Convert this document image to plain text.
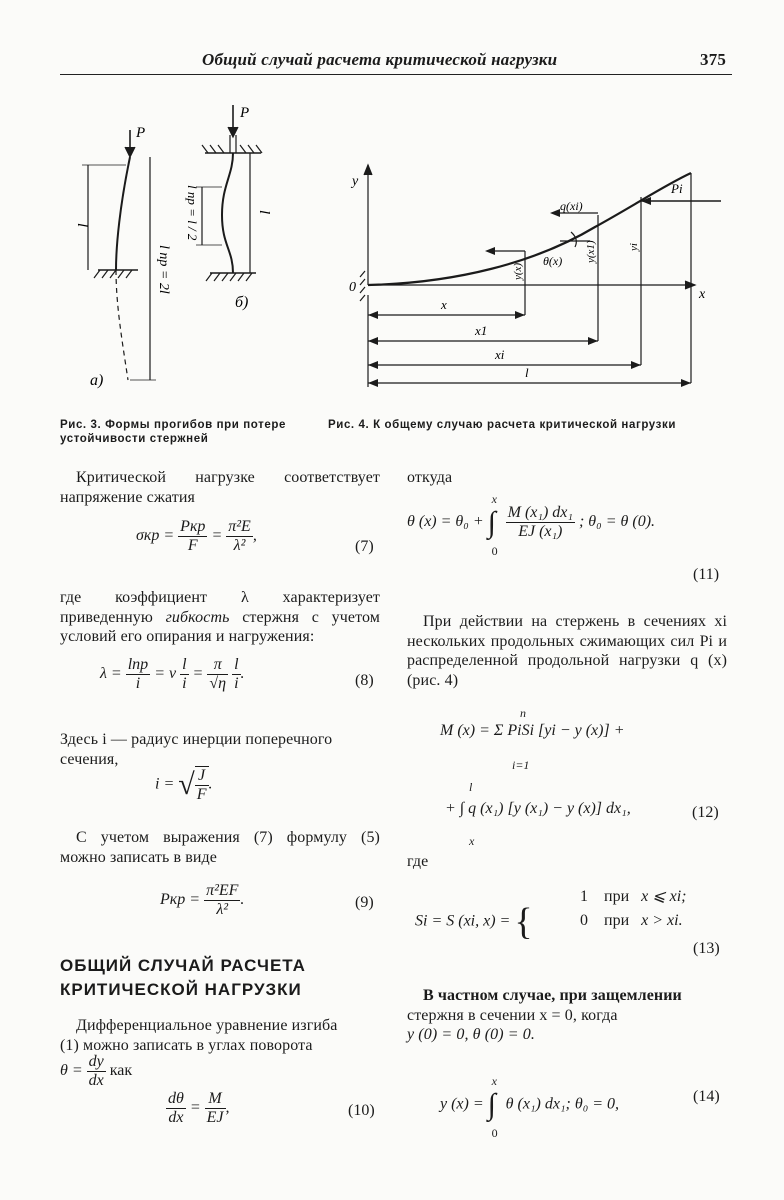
Общий случай расчета критической нагрузки	375
P
P
l
l пр = 2l
l
l пр = l / 2
а)
б)
y
x
0
q(xi)
Pi
θ(x)
y(x)
y(x1)	yi
x
x1
xi
l
Рис. 3. Формы прогибов при потере устойчивости стержней
Рис. 4. К общему случаю расчета критической нагрузки
Критической нагрузке соответствует напряжение сжатия
$\sigma кр = \frac{\text{Pкр}}{F} = \frac{\text{π²E}}{\text{λ²}}$ ,
(7)
где коэффициент λ характеризует приведенную гибкость стержня с учетом условий его опирания и нагружения:
$\lambda = \frac{\text{lпр}}{i} = \nu \frac{l}{i} = \frac{\pi}{√\eta}$
$\frac{l}{i}$ .	(8)
Здесь i — радиус инерции поперечного сечения,
i = √ $\frac{J}{F}$ .
С учетом выражения (7) формулу (5) можно записать в виде
Pкр = $\frac{\text{π²EF}}{\text{λ²}}$ .	(9)
ОБЩИЙ СЛУЧАЙ РАСЧЕТА
КРИТИЧЕСКОЙ НАГРУЗКИ
Дифференциальное уравнение изгиба
(1) можно записать в углах поворота
$\theta = \frac{dy}{dx}$ как
$\frac{d\theta}{dx} = \frac{M}{EJ}$ ,	(10)
откуда
θ (x) = θ₀ + ∫
x
0

$\frac{\text{M (x₁) dx₁}}{\text{EJ (x₁)}}$ ; θ₀ = θ (0).
(11)
При действии на стержень в сечениях xi нескольких продольных сжимающих сил Pi и распределенной продольной нагрузки q (x) (рис. 4)
M (x) = Σ PiSi [yi − y (x)] +
n
i=1
+ ∫ q (x₁) [y (x₁) − y (x)] dx₁,
l
x
(12)
где
Si = S (xi, x) = {
1 при x ⩽ xi;
0 при x > xi.
(13)
В частном случае, при защемлении
стержня в сечении x = 0, когда
y (0) = 0, θ (0) = 0.
y (x) = ∫
x
0
θ (x₁) dx₁; θ₀ = 0,	(14)
